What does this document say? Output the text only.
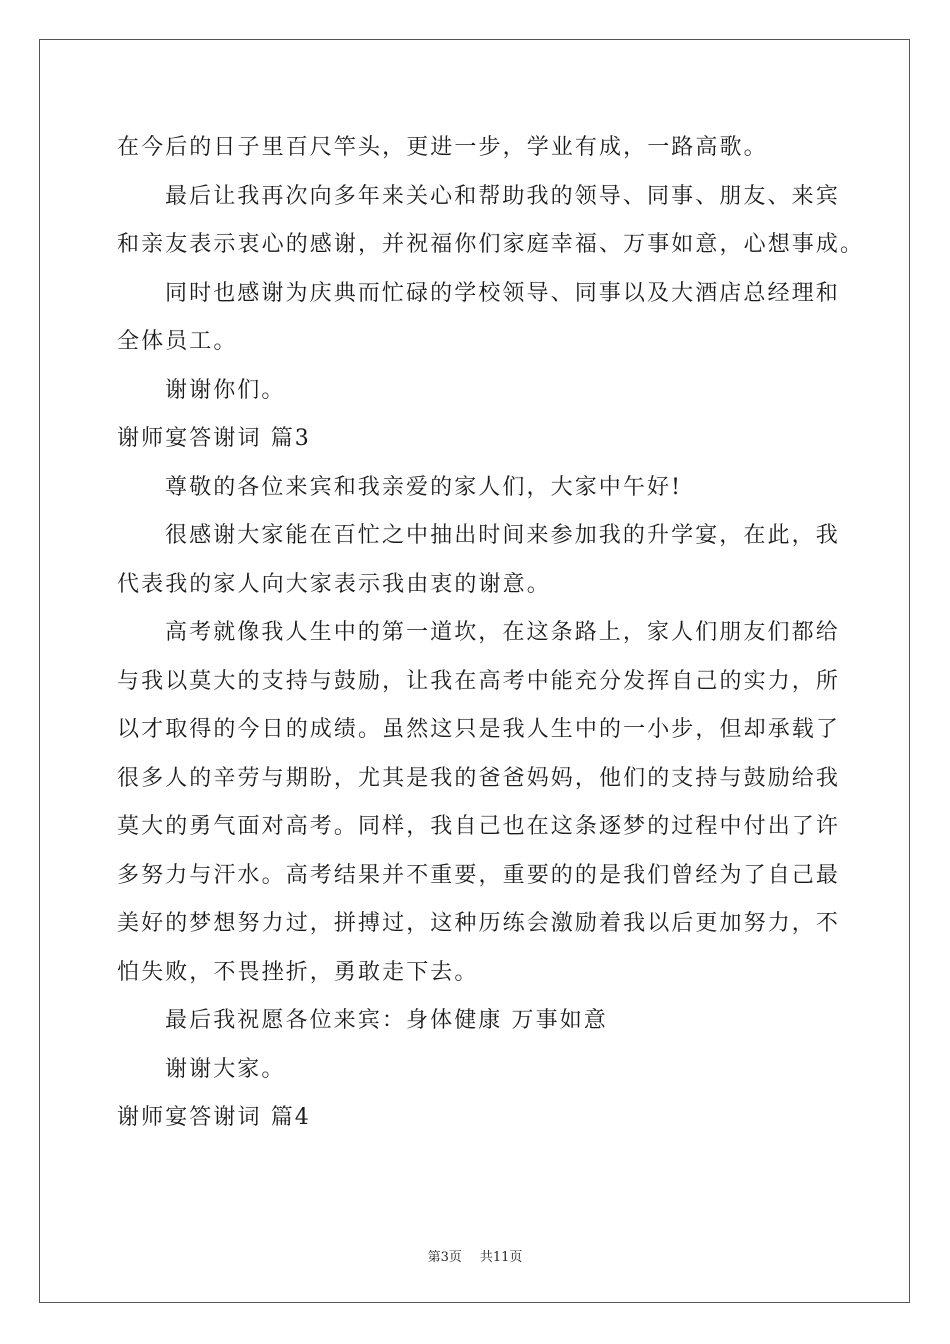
在今后的日子里百尺竿头，更进一步，学业有成，一路高歌。
最后让我再次向多年来关心和帮助我的领导、同事、朋友、来宾
和亲友表示衷心的感谢，并祝福你们家庭幸福、万事如意，心想事成。
同时也感谢为庆典而忙碌的学校领导、同事以及大酒店总经理和
全体员工。
谢谢你们。
谢师宴答谢词 篇3
尊敬的各位来宾和我亲爱的家人们，大家中午好!
很感谢大家能在百忙之中抽出时间来参加我的升学宴，在此，我
代表我的家人向大家表示我由衷的谢意。
高考就像我人生中的第一道坎，在这条路上，家人们朋友们都给
与我以莫大的支持与鼓励，让我在高考中能充分发挥自己的实力，所
以才取得的今日的成绩。虽然这只是我人生中的一小步，但却承载了
很多人的辛劳与期盼，尤其是我的爸爸妈妈，他们的支持与鼓励给我
莫大的勇气面对高考。同样，我自己也在这条逐梦的过程中付出了许
多努力与汗水。高考结果并不重要，重要的的是我们曾经为了自己最
美好的梦想努力过，拼搏过，这种历练会激励着我以后更加努力，不
怕失败，不畏挫折，勇敢走下去。
最后我祝愿各位来宾：身体健康 万事如意
谢谢大家。
谢师宴答谢词 篇4
第3页 共11页
